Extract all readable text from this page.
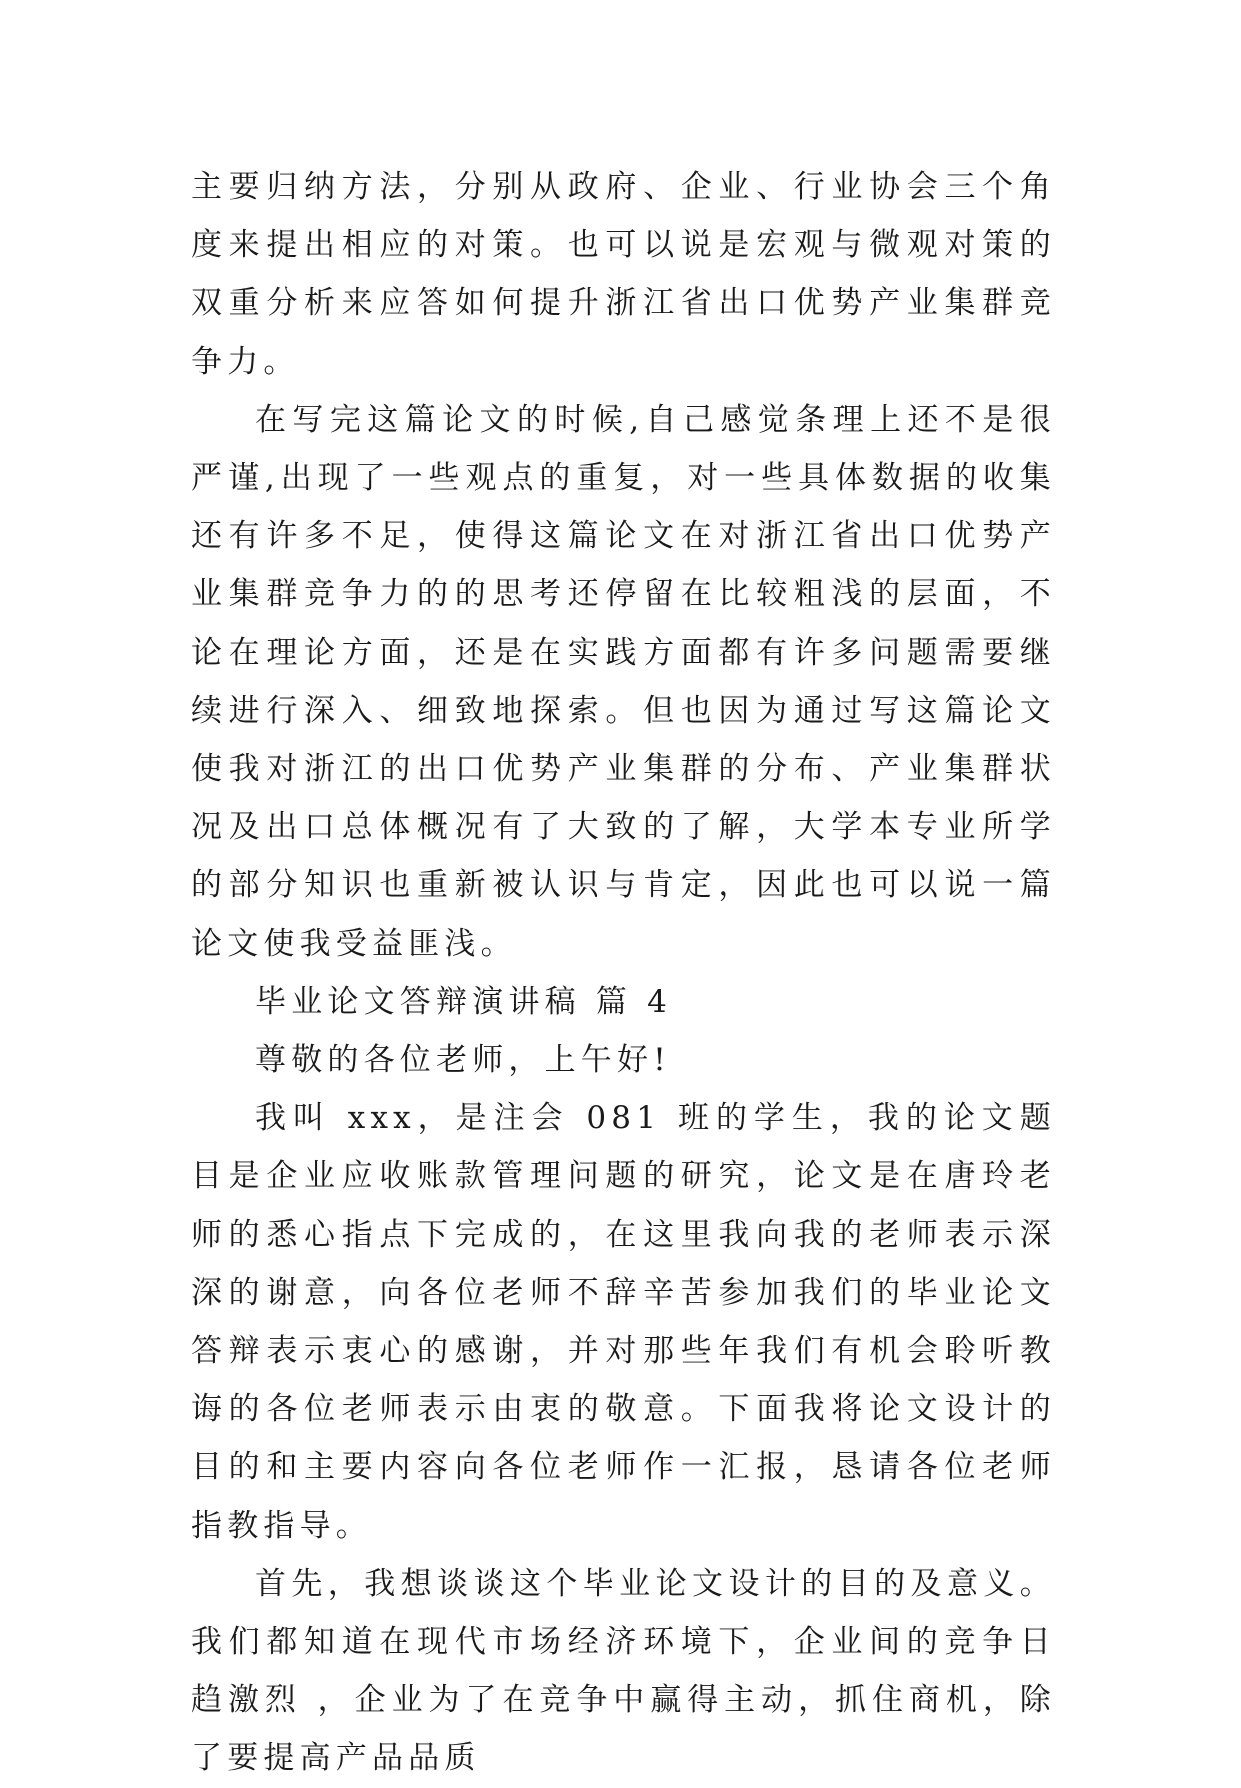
主要归纳方法，分别从政府、企业、行业协会三个角度来提出相应的对策。也可以说是宏观与微观对策的双重分析来应答如何提升浙江省出口优势产业集群竞争力。

在写完这篇论文的时候,自己感觉条理上还不是很严谨,出现了一些观点的重复，对一些具体数据的收集还有许多不足，使得这篇论文在对浙江省出口优势产业集群竞争力的的思考还停留在比较粗浅的层面，不论在理论方面，还是在实践方面都有许多问题需要继续进行深入、细致地探索。但也因为通过写这篇论文使我对浙江的出口优势产业集群的分布、产业集群状况及出口总体概况有了大致的了解，大学本专业所学的部分知识也重新被认识与肯定，因此也可以说一篇论文使我受益匪浅。

毕业论文答辩演讲稿 篇 4

尊敬的各位老师，上午好!

我叫 xxx，是注会 081 班的学生，我的论文题目是企业应收账款管理问题的研究，论文是在唐玲老师的悉心指点下完成的，在这里我向我的老师表示深深的谢意，向各位老师不辞辛苦参加我们的毕业论文答辩表示衷心的感谢，并对那些年我们有机会聆听教诲的各位老师表示由衷的敬意。下面我将论文设计的目的和主要内容向各位老师作一汇报，恳请各位老师指教指导。

首先，我想谈谈这个毕业论文设计的目的及意义。我们都知道在现代市场经济环境下，企业间的竞争日趋激烈 ，企业为了在竞争中赢得主动，抓住商机，除了要提高产品品质
